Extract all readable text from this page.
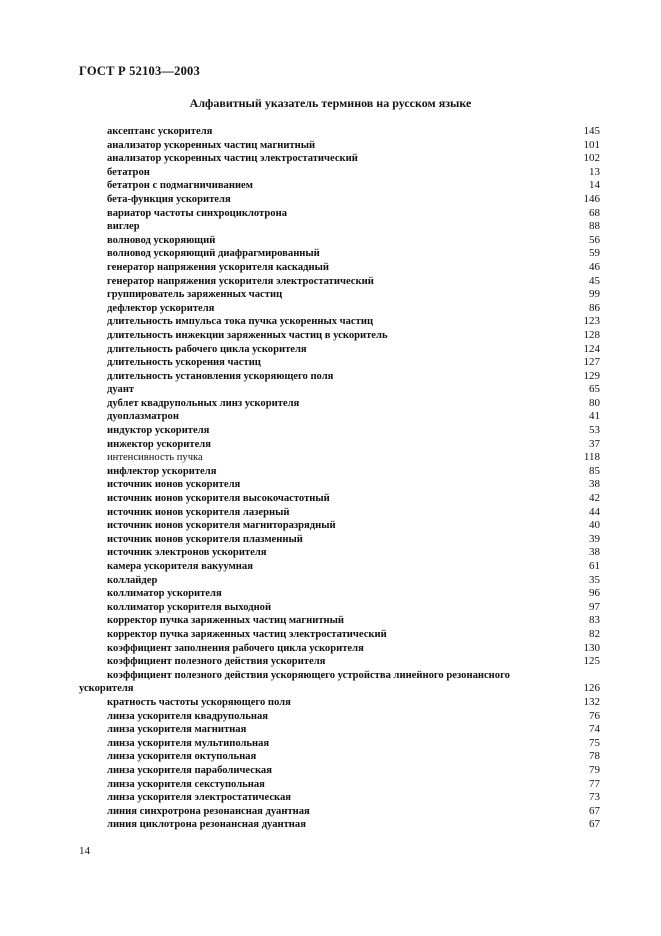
ГОСТ Р 52103—2003
Алфавитный указатель терминов на русском языке
аксептанс ускорителя	145
анализатор ускоренных частиц магнитный	101
анализатор ускоренных частиц электростатический	102
бетатрон	13
бетатрон с подмагничиванием	14
бета-функция ускорителя	146
вариатор частоты синхроциклотрона	68
виглер	88
волновод ускоряющий	56
волновод ускоряющий диафрагмированный	59
генератор напряжения ускорителя каскадный	46
генератор напряжения ускорителя электростатический	45
группирователь заряженных частиц	99
дефлектор ускорителя	86
длительность импульса тока пучка ускоренных частиц	123
длительность инжекции заряженных частиц в ускоритель	128
длительность рабочего цикла ускорителя	124
длительность ускорения частиц	127
длительность установления ускоряющего поля	129
дуант	65
дублет квадрупольных линз ускорителя	80
дуоплазматрон	41
индуктор ускорителя	53
инжектор ускорителя	37
интенсивность пучка	118
инфлектор ускорителя	85
источник ионов ускорителя	38
источник ионов ускорителя высокочастотный	42
источник ионов ускорителя лазерный	44
источник ионов ускорителя магниторазрядный	40
источник ионов ускорителя плазменный	39
источник электронов ускорителя	38
камера ускорителя вакуумная	61
коллайдер	35
коллиматор ускорителя	96
коллиматор ускорителя выходной	97
корректор пучка заряженных частиц магнитный	83
корректор пучка заряженных частиц электростатический	82
коэффициент заполнения рабочего цикла ускорителя	130
коэффициент полезного действия ускорителя	125
коэффициент полезного действия ускоряющего устройства линейного резонансного
ускорителя	126
кратность частоты ускоряющего поля	132
линза ускорителя квадрупольная	76
линза ускорителя магнитная	74
линза ускорителя мультипольная	75
линза ускорителя октупольная	78
линза ускорителя параболическая	79
линза ускорителя секступольная	77
линза ускорителя электростатическая	73
линия синхротрона резонансная дуантная	67
линия циклотрона резонансная дуантная	67
14
